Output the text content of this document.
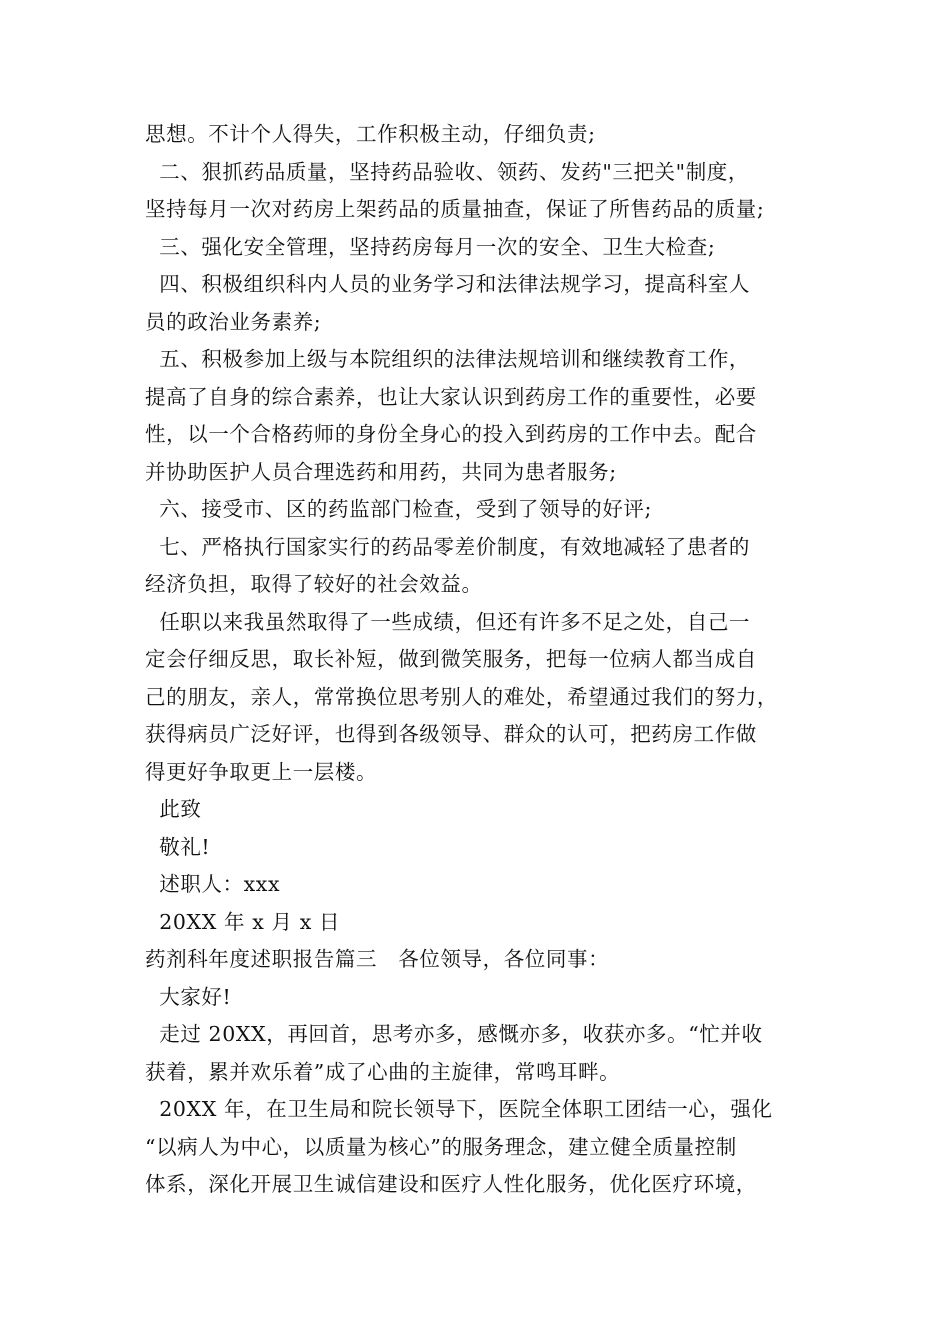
思想。不计个人得失，工作积极主动，仔细负责;
二、狠抓药品质量，坚持药品验收、领药、发药"三把关"制度，
坚持每月一次对药房上架药品的质量抽查，保证了所售药品的质量;
三、强化安全管理，坚持药房每月一次的安全、卫生大检查;
四、积极组织科内人员的业务学习和法律法规学习，提高科室人
员的政治业务素养;
五、积极参加上级与本院组织的法律法规培训和继续教育工作，
提高了自身的综合素养，也让大家认识到药房工作的重要性，必要
性，以一个合格药师的身份全身心的投入到药房的工作中去。配合
并协助医护人员合理选药和用药，共同为患者服务;
六、接受市、区的药监部门检查，受到了领导的好评;
七、严格执行国家实行的药品零差价制度，有效地减轻了患者的
经济负担，取得了较好的社会效益。
任职以来我虽然取得了一些成绩，但还有许多不足之处，自己一
定会仔细反思，取长补短，做到微笑服务，把每一位病人都当成自
己的朋友，亲人，常常换位思考别人的难处，希望通过我们的努力，
获得病员广泛好评，也得到各级领导、群众的认可，把药房工作做
得更好争取更上一层楼。
此致
敬礼!
述职人：xxx
20XX 年 x 月 x 日
药剂科年度述职报告篇三　各位领导，各位同事：
大家好!
走过 20XX，再回首，思考亦多，感慨亦多，收获亦多。“忙并收
获着，累并欢乐着”成了心曲的主旋律，常鸣耳畔。
20XX 年，在卫生局和院长领导下，医院全体职工团结一心，强化
“以病人为中心，以质量为核心”的服务理念，建立健全质量控制
体系，深化开展卫生诚信建设和医疗人性化服务，优化医疗环境，
